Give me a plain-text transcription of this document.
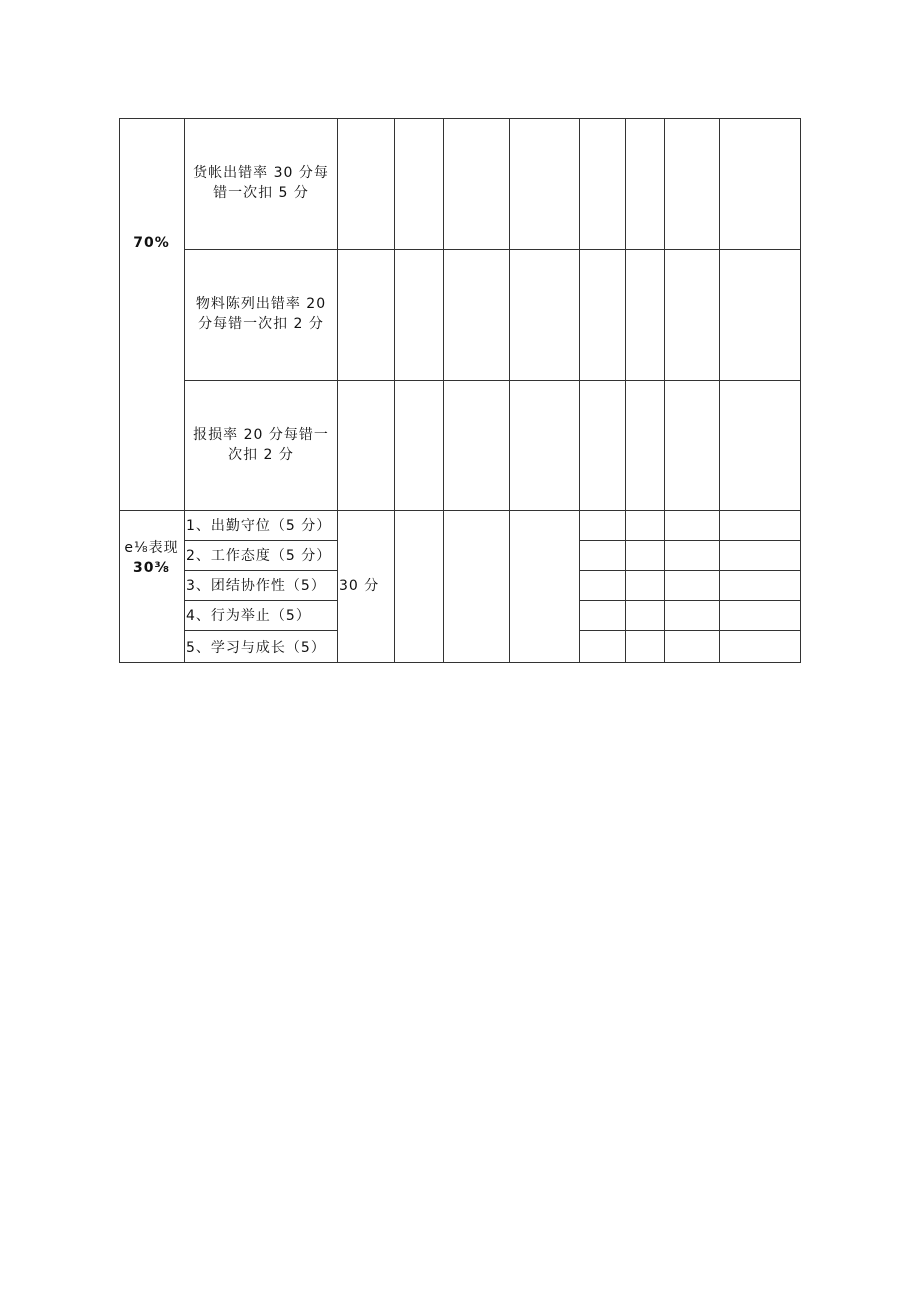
70%
货帐出错率 30 分每
错一次扣 5 分
物料陈列出错率 20
分每错一次扣 2 分
报损率 20 分每错一
次扣 2 分
e⅛表现
30⅜
1、出勤守位（5 分）
2、工作态度（5 分）
3、团结协作性（5）
4、行为举止（5）
5、学习与成长（5）
30 分
